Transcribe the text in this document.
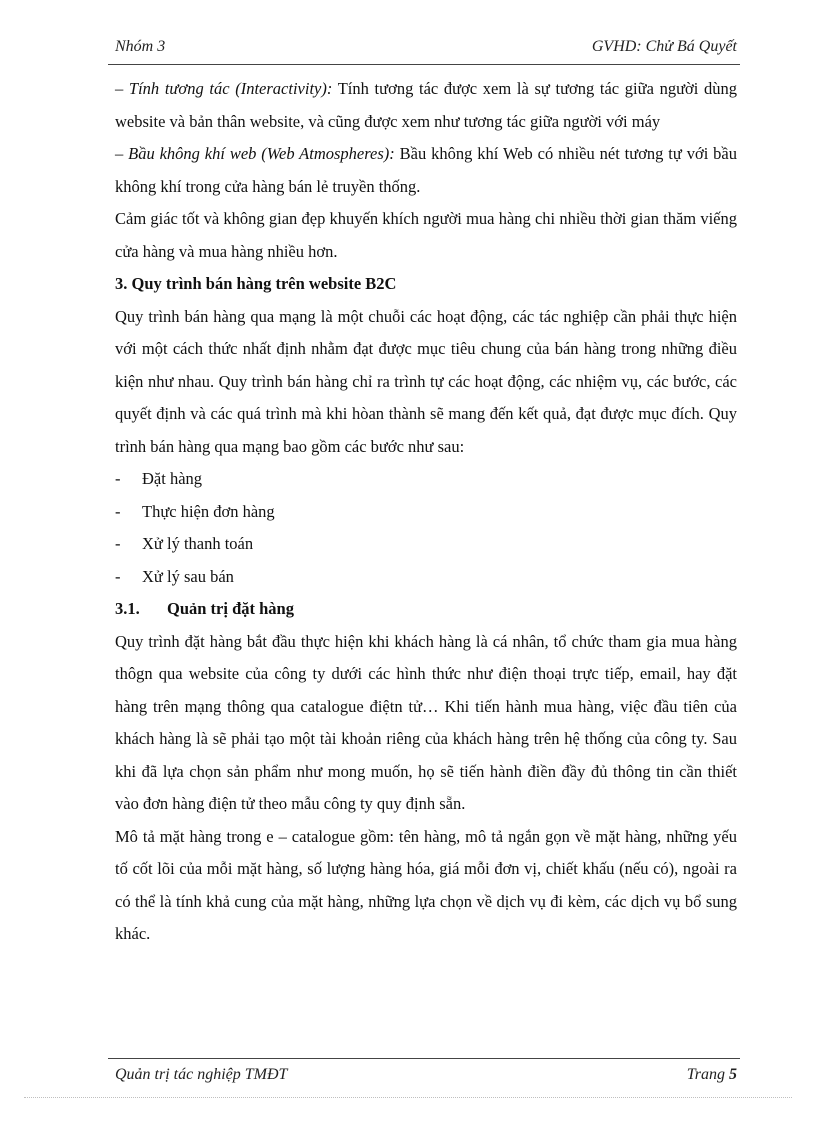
Nhóm 3	GVHD: Chử Bá Quyết

– Tính tương tác (Interactivity): Tính tương tác được xem là sự tương tác giữa người dùng website và bản thân website, và cũng được xem như tương tác giữa người với máy

– Bầu không khí web (Web Atmospheres): Bầu không khí Web có nhiều nét tương tự với bầu không khí trong cửa hàng bán lẻ truyền thống.

Cảm giác tốt và không gian đẹp khuyến khích người mua hàng chi nhiều thời gian thăm viếng cửa hàng và mua hàng nhiều hơn.

3. Quy trình bán hàng trên website B2C

Quy trình bán hàng qua mạng là một chuỗi các hoạt động, các tác nghiệp cần phải thực hiện với một cách thức nhất định nhằm đạt được mục tiêu chung của bán hàng trong những điều kiện như nhau. Quy trình bán hàng chỉ ra trình tự các hoạt động, các nhiệm vụ, các bước, các quyết định và các quá trình mà khi hòan thành sẽ mang đến kết quả, đạt được mục đích. Quy trình bán hàng qua mạng bao gồm các bước như sau:

- Đặt hàng

- Thực hiện đơn hàng

- Xử lý thanh toán

- Xử lý sau bán

3.1. Quản trị đặt hàng

Quy trình đặt hàng bắt đầu thực hiện khi khách hàng là cá nhân, tổ chức tham gia mua hàng thôgn qua website của công ty dưới các hình thức như điện thoại trực tiếp, email, hay đặt hàng trên mạng thông qua catalogue điệtn tử… Khi tiến hành mua hàng, việc đầu tiên của khách hàng là sẽ phải tạo một tài khoản riêng của khách hàng trên hệ thống của công ty. Sau khi đã lựa chọn sản phẩm như mong muốn, họ sẽ tiến hành điền đầy đủ thông tin cần thiết vào đơn hàng điện tử theo mẫu công ty quy định sẵn.

Mô tả mặt hàng trong e – catalogue gồm: tên hàng, mô tả ngắn gọn về mặt hàng, những yếu tố cốt lõi của mỗi mặt hàng, số lượng hàng hóa, giá mỗi đơn vị, chiết khấu (nếu có), ngoài ra có thể là tính khả cung của mặt hàng, những lựa chọn về dịch vụ đi kèm, các dịch vụ bổ sung khác.

Quản trị tác nghiệp TMĐT	Trang 5
